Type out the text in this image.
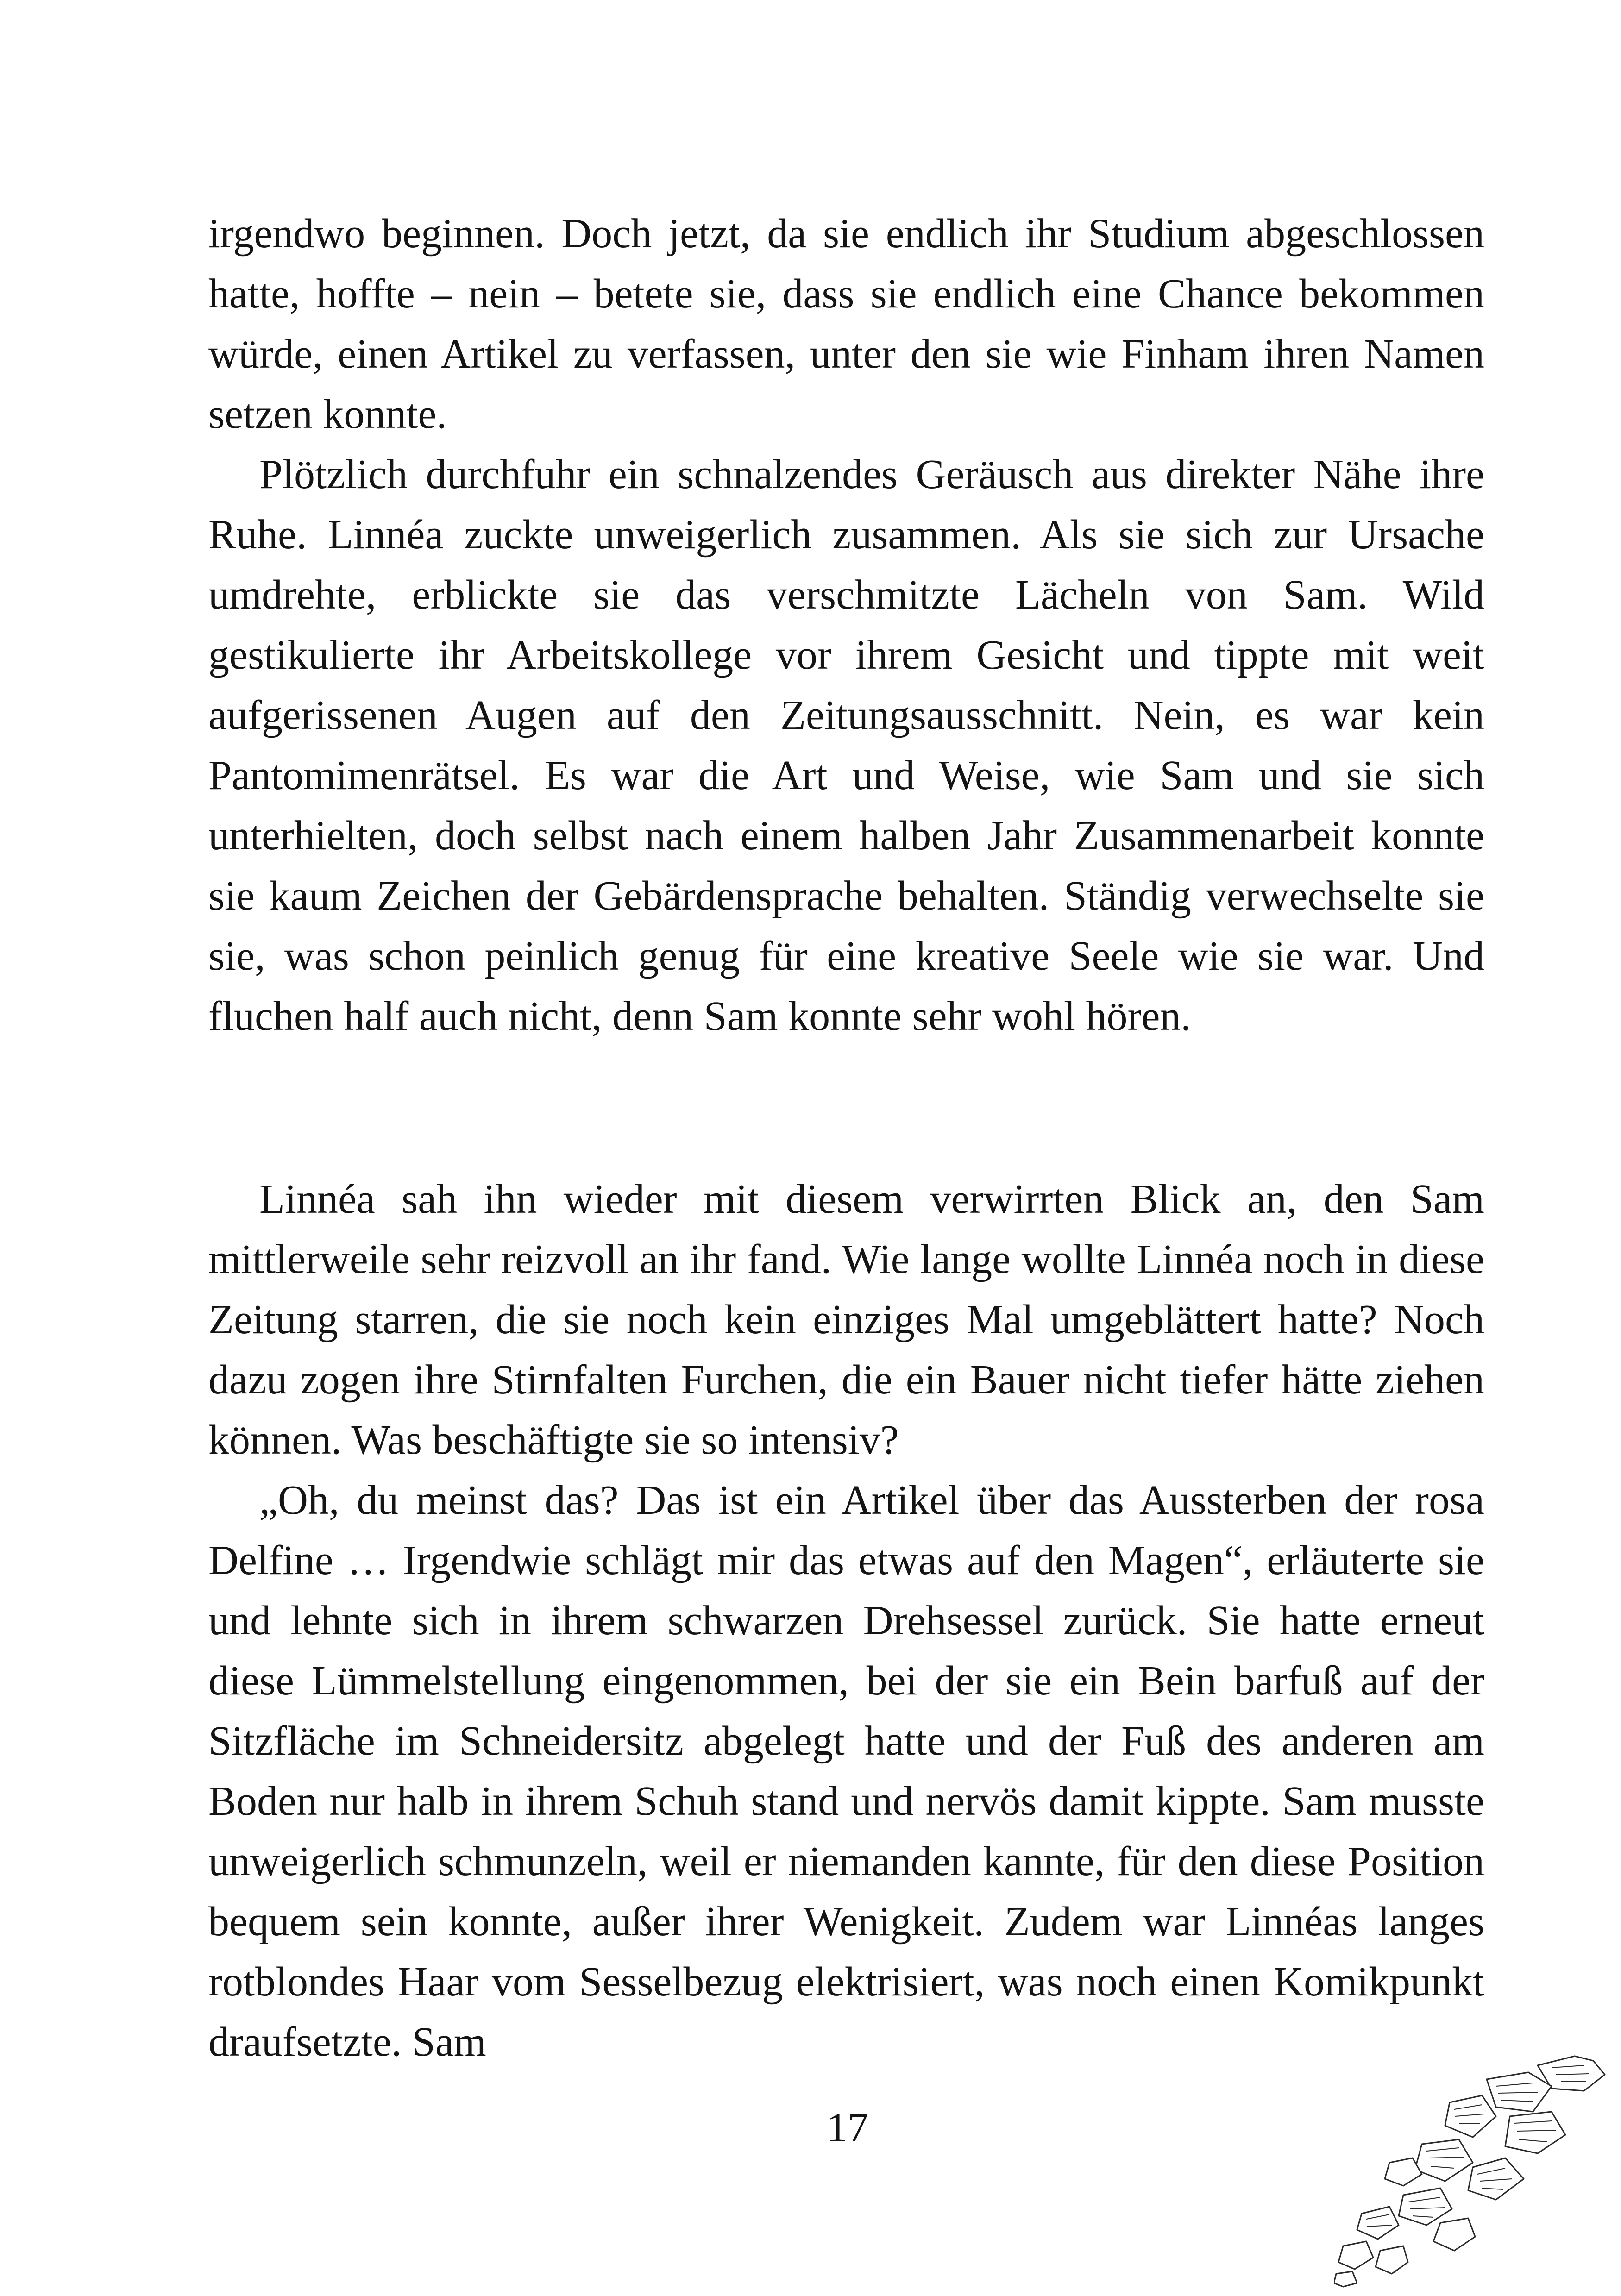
irgendwo beginnen. Doch jetzt, da sie endlich ihr Studium abgeschlossen hatte, hoffte – nein – betete sie, dass sie endlich eine Chance bekommen würde, einen Artikel zu verfassen, unter den sie wie Finham ihren Namen setzen konnte.

Plötzlich durchfuhr ein schnalzendes Geräusch aus direkter Nähe ihre Ruhe. Linnéa zuckte unweigerlich zusammen. Als sie sich zur Ursache umdrehte, erblickte sie das verschmitzte Lächeln von Sam. Wild gestikulierte ihr Arbeitskollege vor ihrem Gesicht und tippte mit weit aufgerissenen Augen auf den Zeitungsausschnitt. Nein, es war kein Pantomimenrätsel. Es war die Art und Weise, wie Sam und sie sich unterhielten, doch selbst nach einem halben Jahr Zusammenarbeit konnte sie kaum Zeichen der Gebärdensprache behalten. Ständig verwechselte sie sie, was schon peinlich genug für eine kreative Seele wie sie war. Und fluchen half auch nicht, denn Sam konnte sehr wohl hören.

Linnéa sah ihn wieder mit diesem verwirrten Blick an, den Sam mittlerweile sehr reizvoll an ihr fand. Wie lange wollte Linnéa noch in diese Zeitung starren, die sie noch kein einziges Mal umgeblättert hatte? Noch dazu zogen ihre Stirnfalten Furchen, die ein Bauer nicht tiefer hätte ziehen können. Was beschäftigte sie so intensiv?

„Oh, du meinst das? Das ist ein Artikel über das Aussterben der rosa Delfine … Irgendwie schlägt mir das etwas auf den Magen“, erläuterte sie und lehnte sich in ihrem schwarzen Drehsessel zurück. Sie hatte erneut diese Lümmelstellung eingenommen, bei der sie ein Bein barfuß auf der Sitzfläche im Schneidersitz abgelegt hatte und der Fuß des anderen am Boden nur halb in ihrem Schuh stand und nervös damit kippte. Sam musste unweigerlich schmunzeln, weil er niemanden kannte, für den diese Position bequem sein konnte, außer ihrer Wenigkeit. Zudem war Linnéas langes rotblondes Haar vom Sesselbezug elektrisiert, was noch einen Komikpunkt draufsetzte. Sam

17
